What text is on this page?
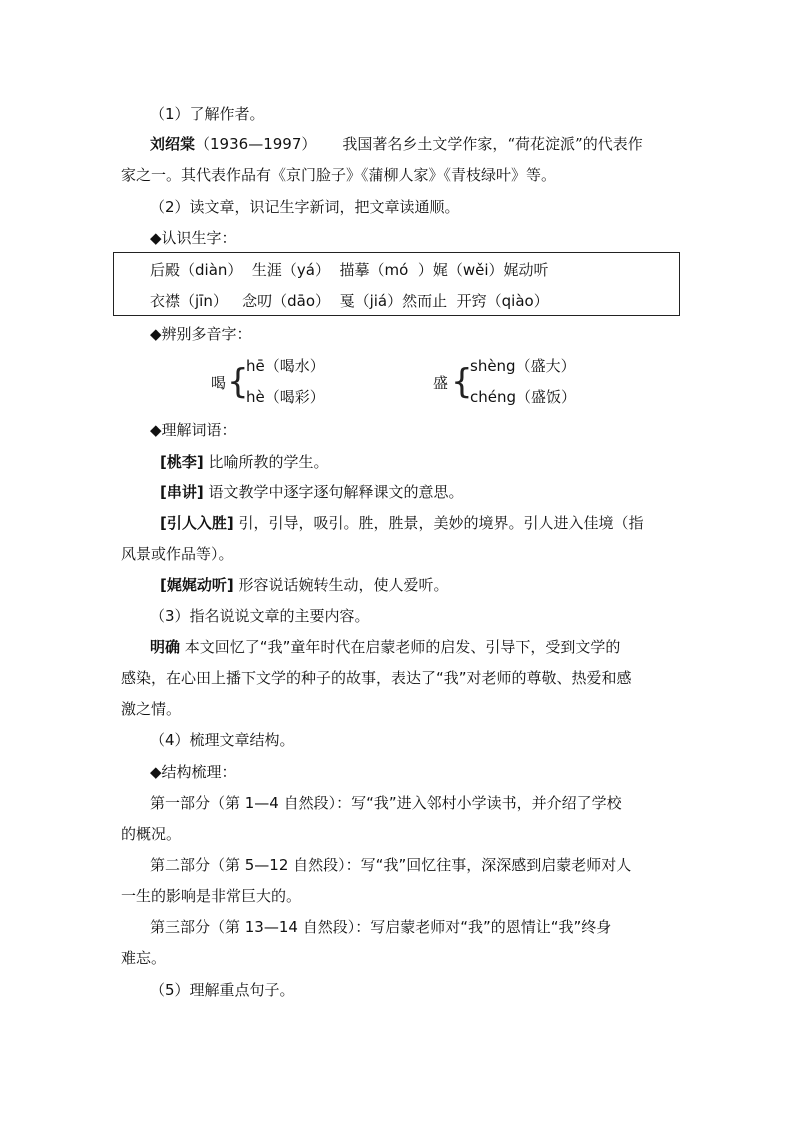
（1）了解作者。
刘绍棠（1936—1997） 我国著名乡土文学作家，“荷花淀派”的代表作
家之一。其代表作品有《京门脸子》《蒲柳人家》《青枝绿叶》等。
（2）读文章，识记生字新词，把文章读通顺。
◆认识生字：
后殿（diàn）  生涯（yá）  描摹（mó  ）娓（wěi）娓动听
衣襟（jīn）   念叨（dāo）  戛（jiá）然而止  开窍（qiào）
◆辨别多音字：
喝 {
hē（喝水）
hè（喝彩）
盛 {
shèng（盛大）
chéng（盛饭）
◆理解词语：
[桃李] 比喻所教的学生。
[串讲] 语文教学中逐字逐句解释课文的意思。
[引人入胜] 引，引导，吸引。胜，胜景，美妙的境界。引人进入佳境（指
风景或作品等）。
[娓娓动听] 形容说话婉转生动，使人爱听。
（3）指名说说文章的主要内容。
明确 本文回忆了“我”童年时代在启蒙老师的启发、引导下，受到文学的
感染，在心田上播下文学的种子的故事，表达了“我”对老师的尊敬、热爱和感
激之情。
（4）梳理文章结构。
◆结构梳理：
第一部分（第 1—4 自然段）：写“我”进入邻村小学读书，并介绍了学校
的概况。
第二部分（第 5—12 自然段）：写“我”回忆往事，深深感到启蒙老师对人
一生的影响是非常巨大的。
第三部分（第 13—14 自然段）：写启蒙老师对“我”的恩情让“我”终身
难忘。
（5）理解重点句子。
